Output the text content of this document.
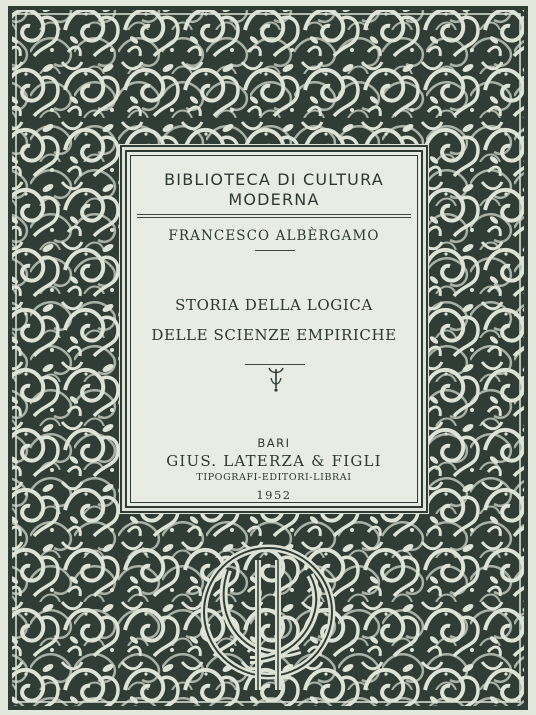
BIBLIOTECA DI CULTURA
MODERNA
FRANCESCO ALBÈRGAMO
STORIA DELLA LOGICA
DELLE SCIENZE EMPIRICHE
BARI
GIUS. LATERZA & FIGLI
TIPOGRAFI-EDITORI-LIBRAI
1952
